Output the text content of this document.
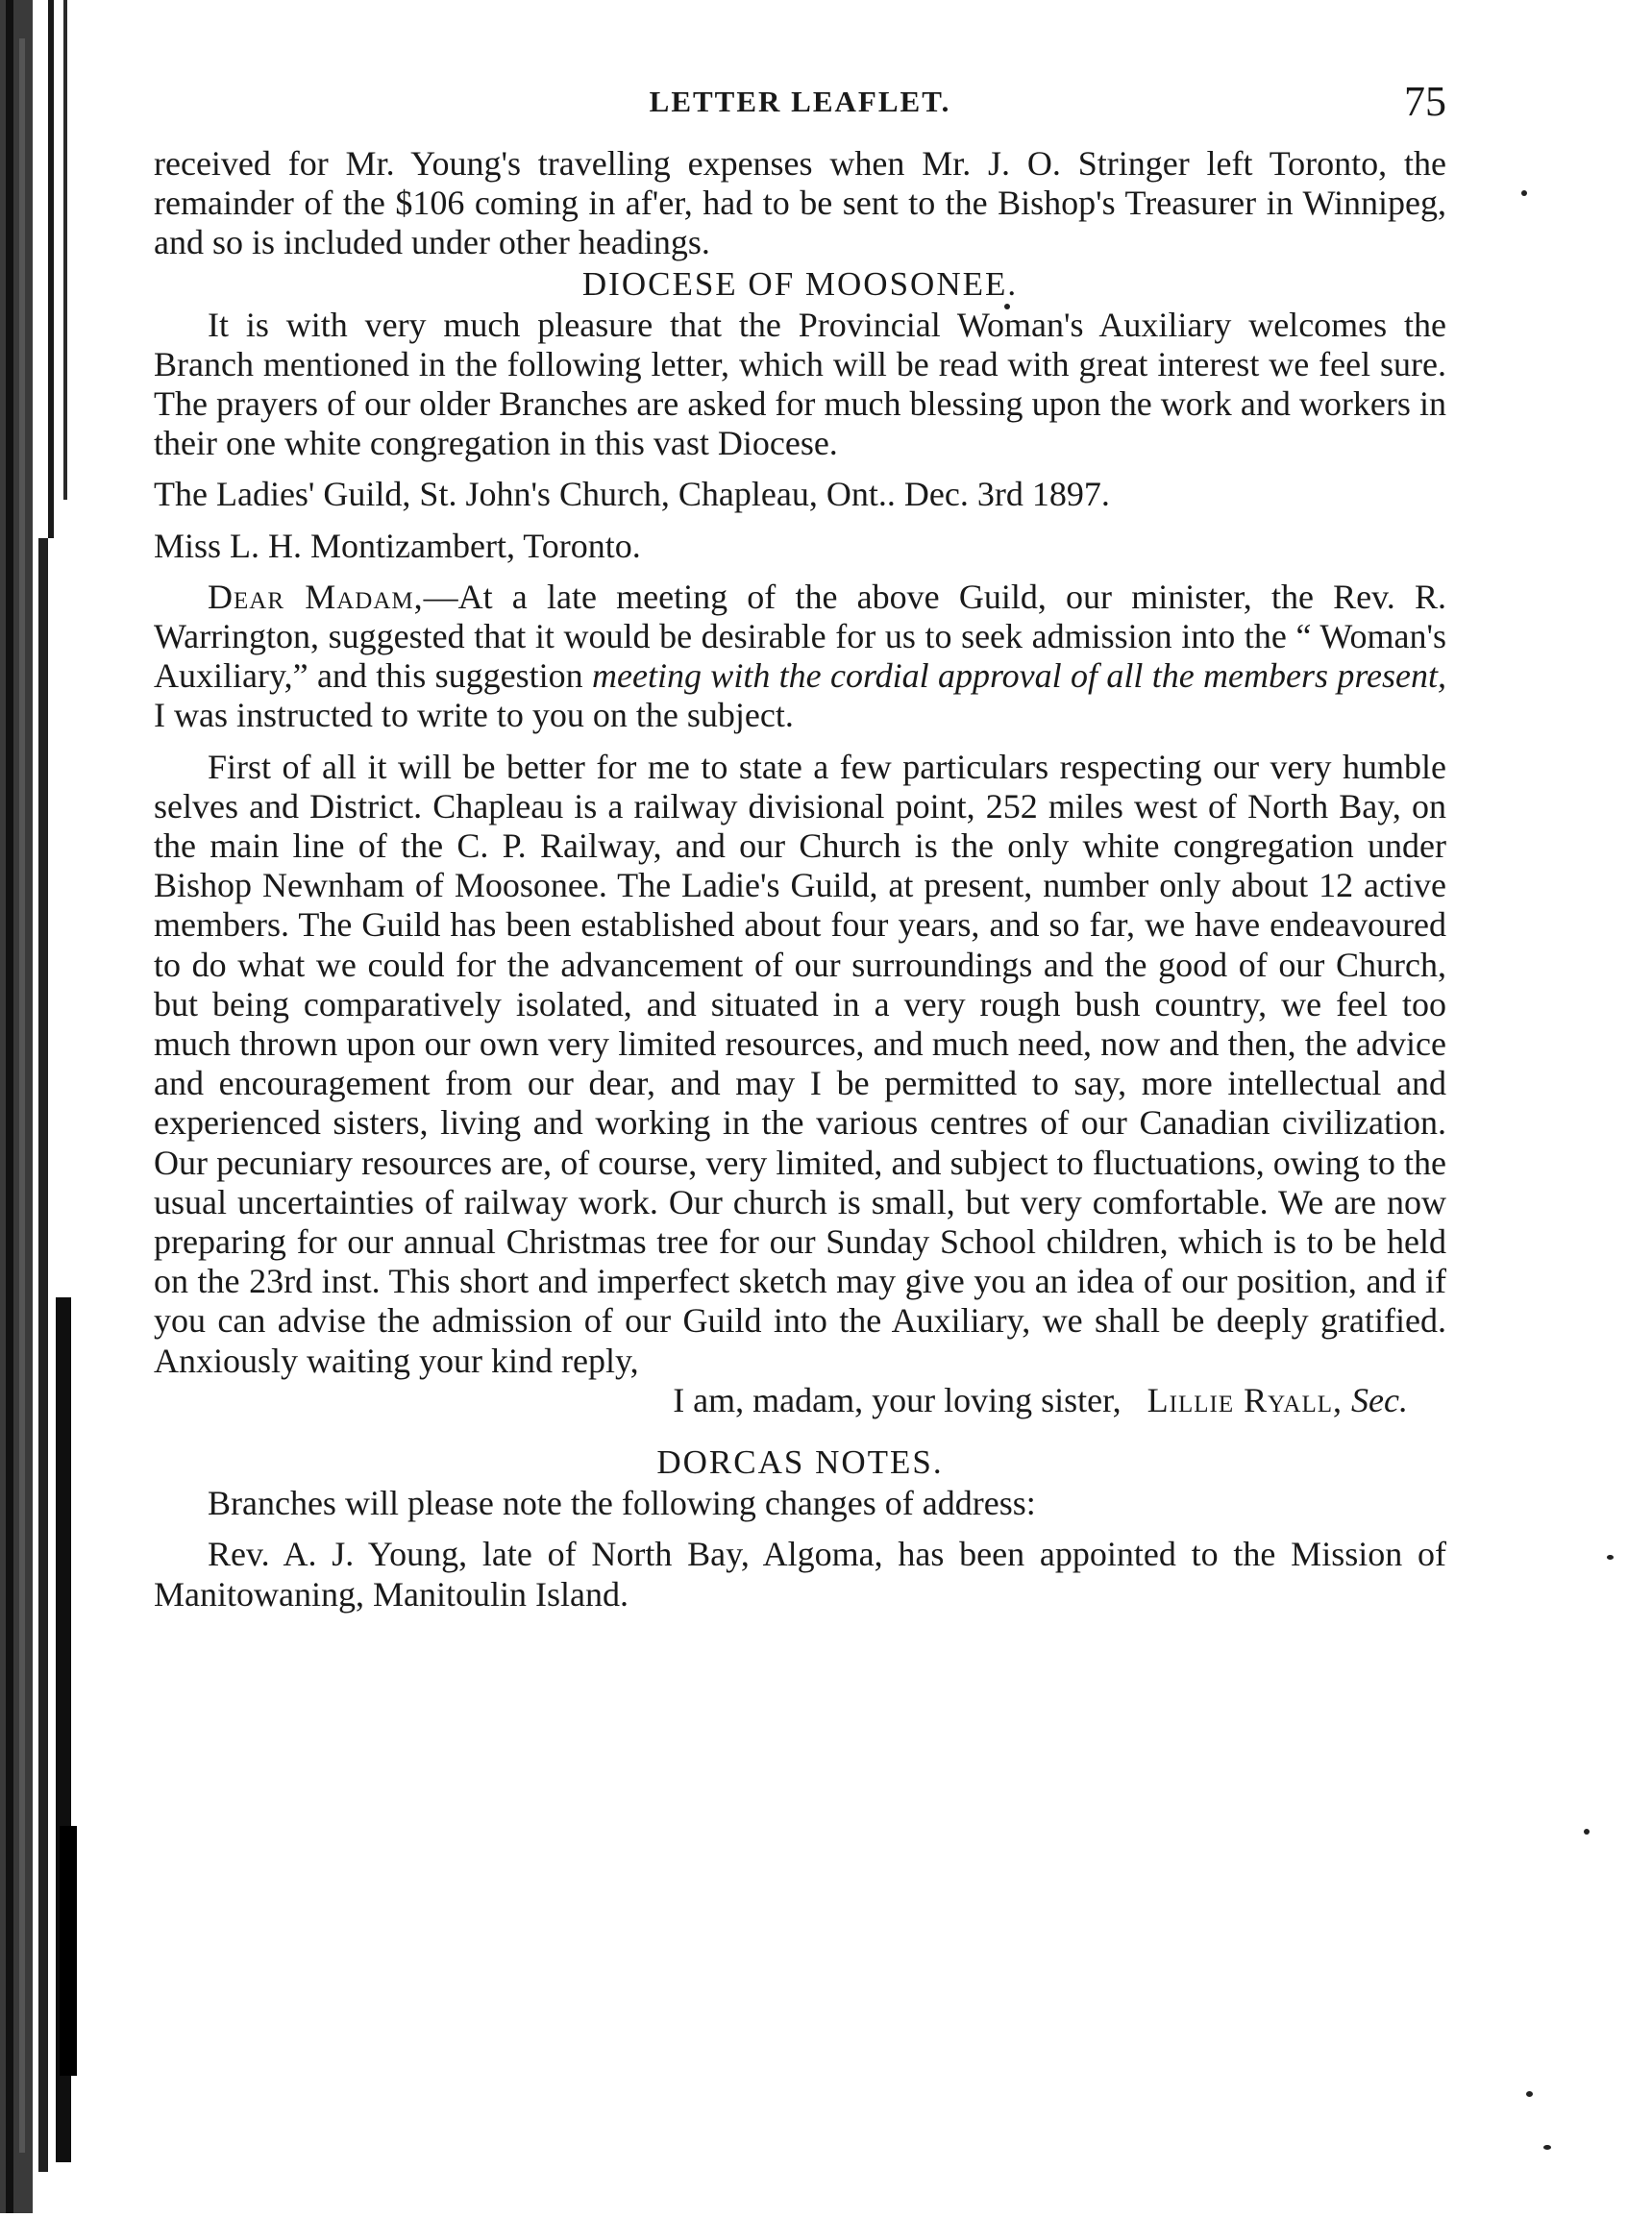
LETTER LEAFLET.	75

received for Mr. Young's travelling expenses when Mr. J. O. Stringer left Toronto, the remainder of the $106 coming in af'er, had to be sent to the Bishop's Treasurer in Winnipeg, and so is included under other headings.

DIOCESE OF MOOSONEE.

It is with very much pleasure that the Provincial Woman's Auxiliary welcomes the Branch mentioned in the following letter, which will be read with great interest we feel sure. The prayers of our older Branches are asked for much blessing upon the work and workers in their one white congregation in this vast Diocese.

The Ladies' Guild, St. John's Church, Chapleau, Ont.. Dec. 3rd 1897.

Miss L. H. Montizambert, Toronto.

Dear Madam,—At a late meeting of the above Guild, our minister, the Rev. R. Warrington, suggested that it would be desirable for us to seek admission into the “ Woman's Auxiliary,” and this suggestion meeting with the cordial approval of all the members present, I was instructed to write to you on the subject.

First of all it will be better for me to state a few particulars respecting our very humble selves and District. Chapleau is a railway divisional point, 252 miles west of North Bay, on the main line of the C. P. Railway, and our Church is the only white congregation under Bishop Newnham of Moosonee. The Ladie's Guild, at present, number only about 12 active members. The Guild has been established about four years, and so far, we have endeavoured to do what we could for the advancement of our surroundings and the good of our Church, but being comparatively isolated, and situated in a very rough bush country, we feel too much thrown upon our own very limited resources, and much need, now and then, the advice and encouragement from our dear, and may I be permitted to say, more intellectual and experienced sisters, living and working in the various centres of our Canadian civilization. Our pecuniary resources are, of course, very limited, and subject to fluctuations, owing to the usual uncertainties of railway work. Our church is small, but very comfortable. We are now preparing for our annual Christmas tree for our Sunday School children, which is to be held on the 23rd inst. This short and imperfect sketch may give you an idea of our position, and if you can advise the admission of our Guild into the Auxiliary, we shall be deeply gratified. Anxiously waiting your kind reply,

I am, madam, your loving sister, Lillie Ryall, Sec.

DORCAS NOTES.

Branches will please note the following changes of address:

Rev. A. J. Young, late of North Bay, Algoma, has been appointed to the Mission of Manitowaning, Manitoulin Island.
